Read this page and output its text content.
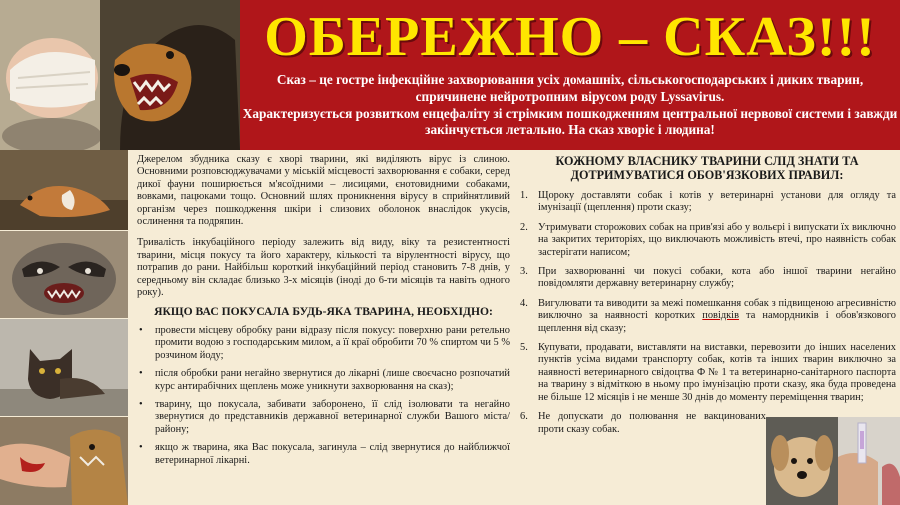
ОБЕРЕЖНО – СКАЗ!!!
Сказ – це гостре інфекційне захворювання усіх домашніх, сільськогосподарських і диких тварин, спричинене нейротропним вірусом роду Lyssavirus.
Характеризується розвитком енцефаліту зі стрімким пошкодженням центральної нервової системи і завжди закінчується летально. На сказ хворіє і людина!

Джерелом збудника сказу є хворі тварини, які виділяють вірус із слиною. Основними розповсюджувачами у міській місцевості захворювання є собаки, серед дикої фауни поширюється м'ясоїдними – лисицями, єнотовидними собаками, вовками, пацюками тощо. Основний шлях проникнення вірусу в сприйнятливий організм через пошкодження шкіри і слизових оболонок внаслідок укусів, ослинення та подряпин.

Тривалість інкубаційного періоду залежить від виду, віку та резистентності тварини, місця покусу та його характеру, кількості та вірулентності вірусу, що потрапив до рани. Найбільш короткий інкубаційний період становить 7-8 днів, у середньому він складає близько 3-х місяців (іноді до 6-ти місяців та навіть одного року).

ЯКЩО ВАС ПОКУСАЛА БУДЬ-ЯКА ТВАРИНА, НЕОБХІДНО:
• провести місцеву обробку рани відразу після покусу: поверхню рани ретельно промити водою з господарським милом, а її краї обробити 70 % спиртом чи 5 % розчином йоду;
• після обробки рани негайно звернутися до лікарні (лише своєчасно розпочатий курс антирабічних щеплень може уникнути захворювання на сказ);
• тварину, що покусала, забивати заборонено, її слід ізолювати та негайно звернутися до представників державної ветеринарної служби Вашого міста/району;
• якщо ж тварина, яка Вас покусала, загинула – слід звернутися до найближчої ветеринарної лікарні.
КОЖНОМУ ВЛАСНИКУ ТВАРИНИ СЛІД ЗНАТИ ТА
ДОТРИМУВАТИСЯ ОБОВ'ЯЗКОВИХ ПРАВИЛ:
1. Щороку доставляти собак і котів у ветеринарні установи для огляду та імунізації (щеплення) проти сказу;
2. Утримувати сторожових собак на прив'язі або у вольєрі і випускати їх виключно на закритих територіях, що виключають можливість втечі, про наявність собак застерігати написом;
3. При захворюванні чи покусі собаки, кота або іншої тварини негайно повідомляти державну ветеринарну службу;
4. Вигулювати та виводити за межі помешкання собак з підвищеною агресивністю виключно за наявності коротких повідків та намордників і обов'язкового щеплення від сказу;
5. Купувати, продавати, виставляти на виставки, перевозити до інших населених пунктів усіма видами транспорту собак, котів та інших тварин виключно за наявності ветеринарного свідоцтва Ф № 1 та ветеринарно-санітарного паспорта на тварину з відміткою в ньому про імунізацію проти сказу, яка буда проведена не більше 12 місяців і не менше 30 днів до моменту переміщення тварин;
6. Не допускати до полювання не вакцинованих проти сказу собак.
